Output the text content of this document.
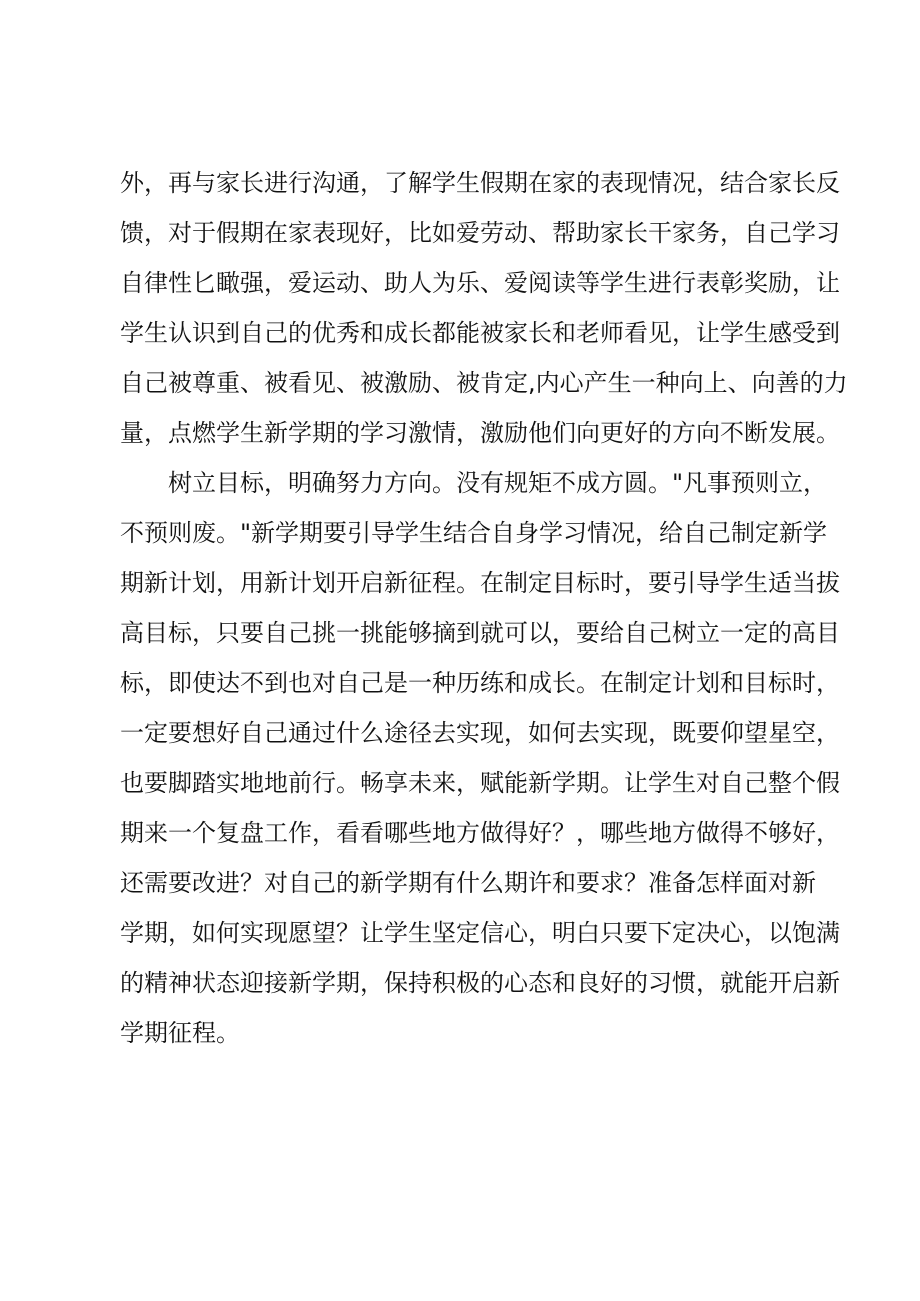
外，再与家长进行沟通，了解学生假期在家的表现情况，结合家长反
馈，对于假期在家表现好，比如爱劳动、帮助家长干家务，自己学习
自律性匕瞰强，爱运动、助人为乐、爱阅读等学生进行表彰奖励，让
学生认识到自己的优秀和成长都能被家长和老师看见，让学生感受到
自己被尊重、被看见、被激励、被肯定,内心产生一种向上、向善的力
量，点燃学生新学期的学习激情，激励他们向更好的方向不断发展。
　　树立目标，明确努力方向。没有规矩不成方圆。"凡事预则立，
不预则废。"新学期要引导学生结合自身学习情况，给自己制定新学
期新计划，用新计划开启新征程。在制定目标时，要引导学生适当拔
高目标，只要自己挑一挑能够摘到就可以，要给自己树立一定的高目
标，即使达不到也对自己是一种历练和成长。在制定计划和目标时，
一定要想好自己通过什么途径去实现，如何去实现，既要仰望星空，
也要脚踏实地地前行。畅享未来，赋能新学期。让学生对自己整个假
期来一个复盘工作，看看哪些地方做得好？，哪些地方做得不够好，
还需要改进？对自己的新学期有什么期许和要求？准备怎样面对新
学期，如何实现愿望？让学生坚定信心，明白只要下定决心，以饱满
的精神状态迎接新学期，保持积极的心态和良好的习惯，就能开启新
学期征程。
